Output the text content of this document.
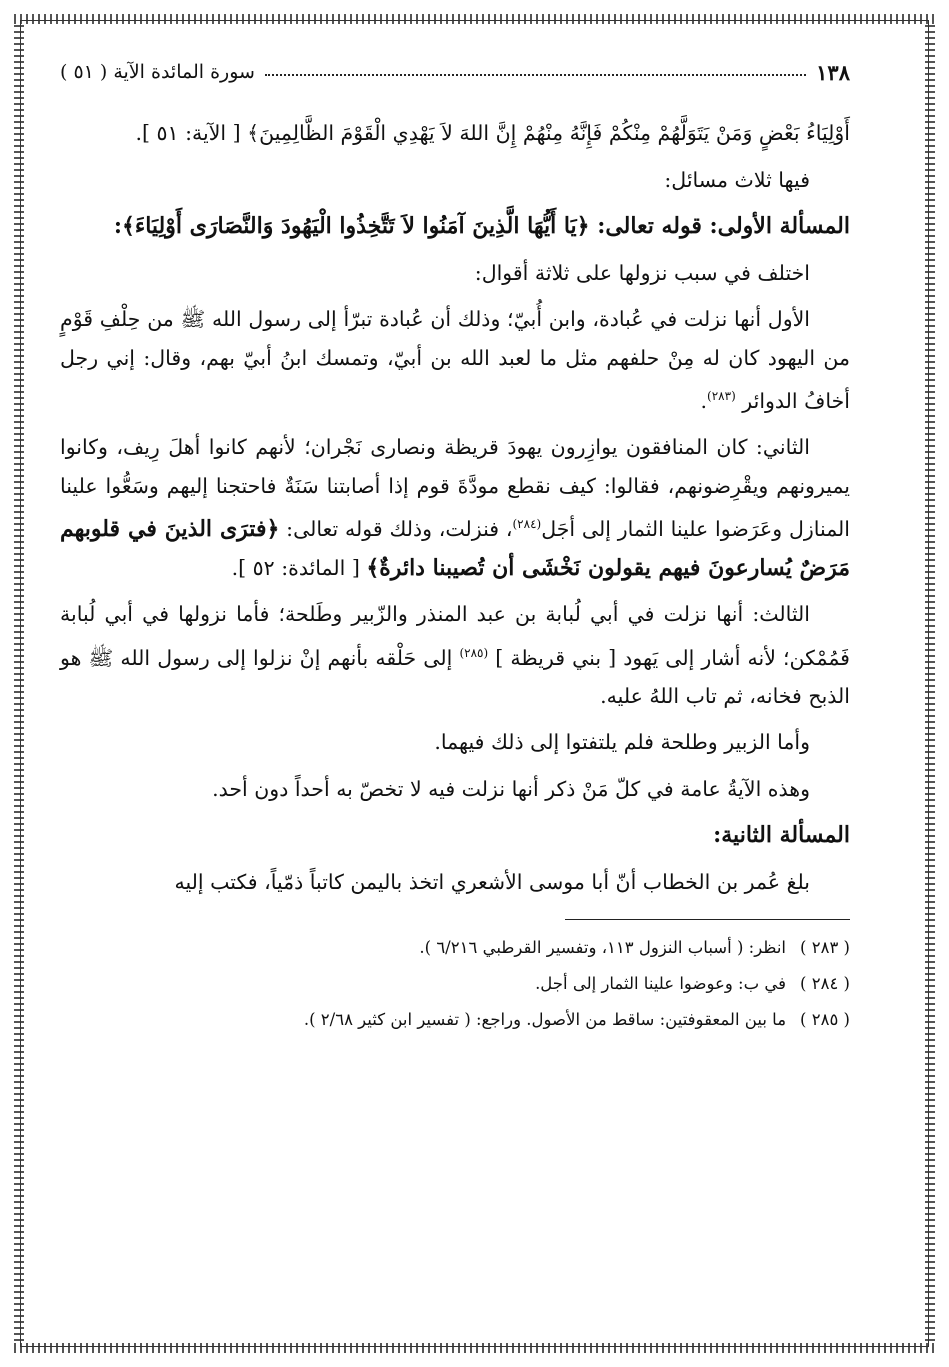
١٣٨
سورة المائدة الآية ( ٥١ )

أَوْلِيَاءُ بَعْضٍ وَمَنْ يَتَوَلَّهُمْ مِنْكُمْ فَإِنَّهُ مِنْهُمْ إِنَّ اللهَ لاَ يَهْدِي الْقَوْمَ الظَّالِمِينَ﴾ [ الآية: ٥١ ].

فيها ثلاث مسائل:

المسألة الأولى: قوله تعالى: ﴿يَا أَيُّهَا الَّذِينَ آمَنُوا لاَ تَتَّخِذُوا الْيَهُودَ وَالنَّصَارَى أَوْلِيَاءَ﴾:

اختلف في سبب نزولها على ثلاثة أقوال:

الأول أنها نزلت في عُبادة، وابن أُبيّ؛ وذلك أن عُبادة تبرّأ إلى رسول الله ﷺ من حِلْفِ قَوْمٍ من اليهود كان له مِنْ حلفهم مثل ما لعبد الله بن أبيّ، وتمسك ابنُ أبيّ بهم، وقال: إني رجل أخافُ الدوائر $^{(٢٨٣)}$.

الثاني: كان المنافقون يوازِرون يهودَ قريظة ونصارى نَجْران؛ لأنهم كانوا أهلَ رِيف، وكانوا يميرونهم ويقْرِضونهم، فقالوا: كيف نقطع مودَّةَ قوم إذا أصابتنا سَنَةٌ فاحتجنا إليهم وسَعُّوا علينا المنازل وعَرَضوا علينا الثمار إلى أجَل$^{(٢٨٤)}$، فنزلت، وذلك قوله تعالى: ﴿فترَى الذينَ في قلوبهم مَرَضٌ يُسارعونَ فيهم يقولون نَخْشَى أن تُصيبنا دائرةٌ﴾ [ المائدة: ٥٢ ].

الثالث: أنها نزلت في أبي لُبابة بن عبد المنذر والزّبير وطَلحة؛ فأما نزولها في أبي لُبابة فَمُمْكن؛ لأنه أشار إلى يَهود [ بني قريظة ] $^{(٢٨٥)}$ إلى حَلْقه بأنهم إنْ نزلوا إلى رسول الله ﷺ هو الذبح فخانه، ثم تاب اللهُ عليه.

وأما الزبير وطلحة فلم يلتفتوا إلى ذلك فيهما.

وهذه الآيةُ عامة في كلّ مَنْ ذكر أنها نزلت فيه لا تخصّ به أحداً دون أحد.

المسألة الثانية:

بلغ عُمر بن الخطاب أنّ أبا موسى الأشعري اتخذ باليمن كاتباً ذمّياً، فكتب إليه

( ٢٨٣ )
انظر: ( أسباب النزول ١١٣، وتفسير القرطبي ٦/٢١٦ ).
( ٢٨٤ )
في ب: وعوضوا علينا الثمار إلى أجل.
( ٢٨٥ )
ما بين المعقوفتين: ساقط من الأصول. وراجع: ( تفسير ابن كثير ٢/٦٨ ).
